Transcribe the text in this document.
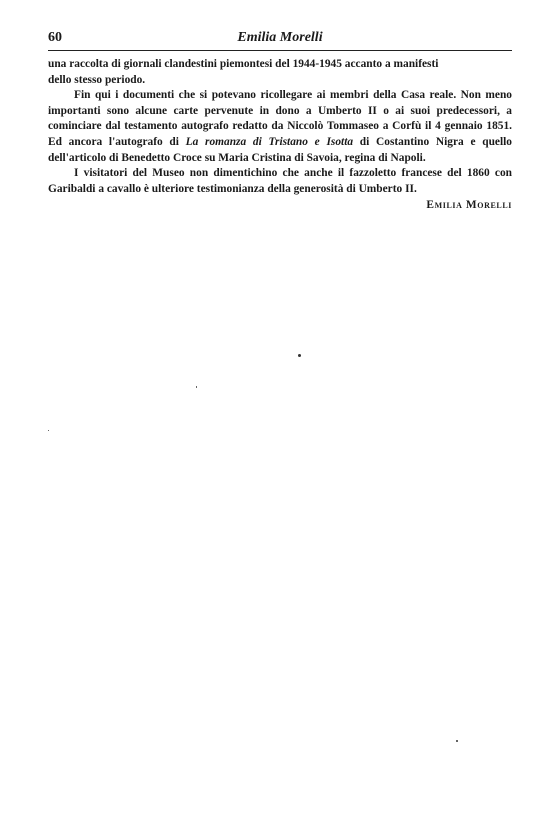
60	Emilia Morelli

una raccolta di giornali clandestini piemontesi del 1944-1945 accanto a manifesti
dello stesso periodo.

Fin qui i documenti che si potevano ricollegare ai membri della Casa reale. Non meno importanti sono alcune carte pervenute in dono a Umberto II o ai suoi predecessori, a cominciare dal testamento autografo redatto da Niccolò Tommaseo a Corfù il 4 gennaio 1851. Ed ancora l'autografo di La romanza di Tristano e Isotta di Costantino Nigra e quello dell'articolo di Benedetto Croce su Maria Cristina di Savoia, regina di Napoli.

I visitatori del Museo non dimentichino che anche il fazzoletto francese del 1860 con Garibaldi a cavallo è ulteriore testimonianza della generosità di Umberto II.

Emilia Morelli
